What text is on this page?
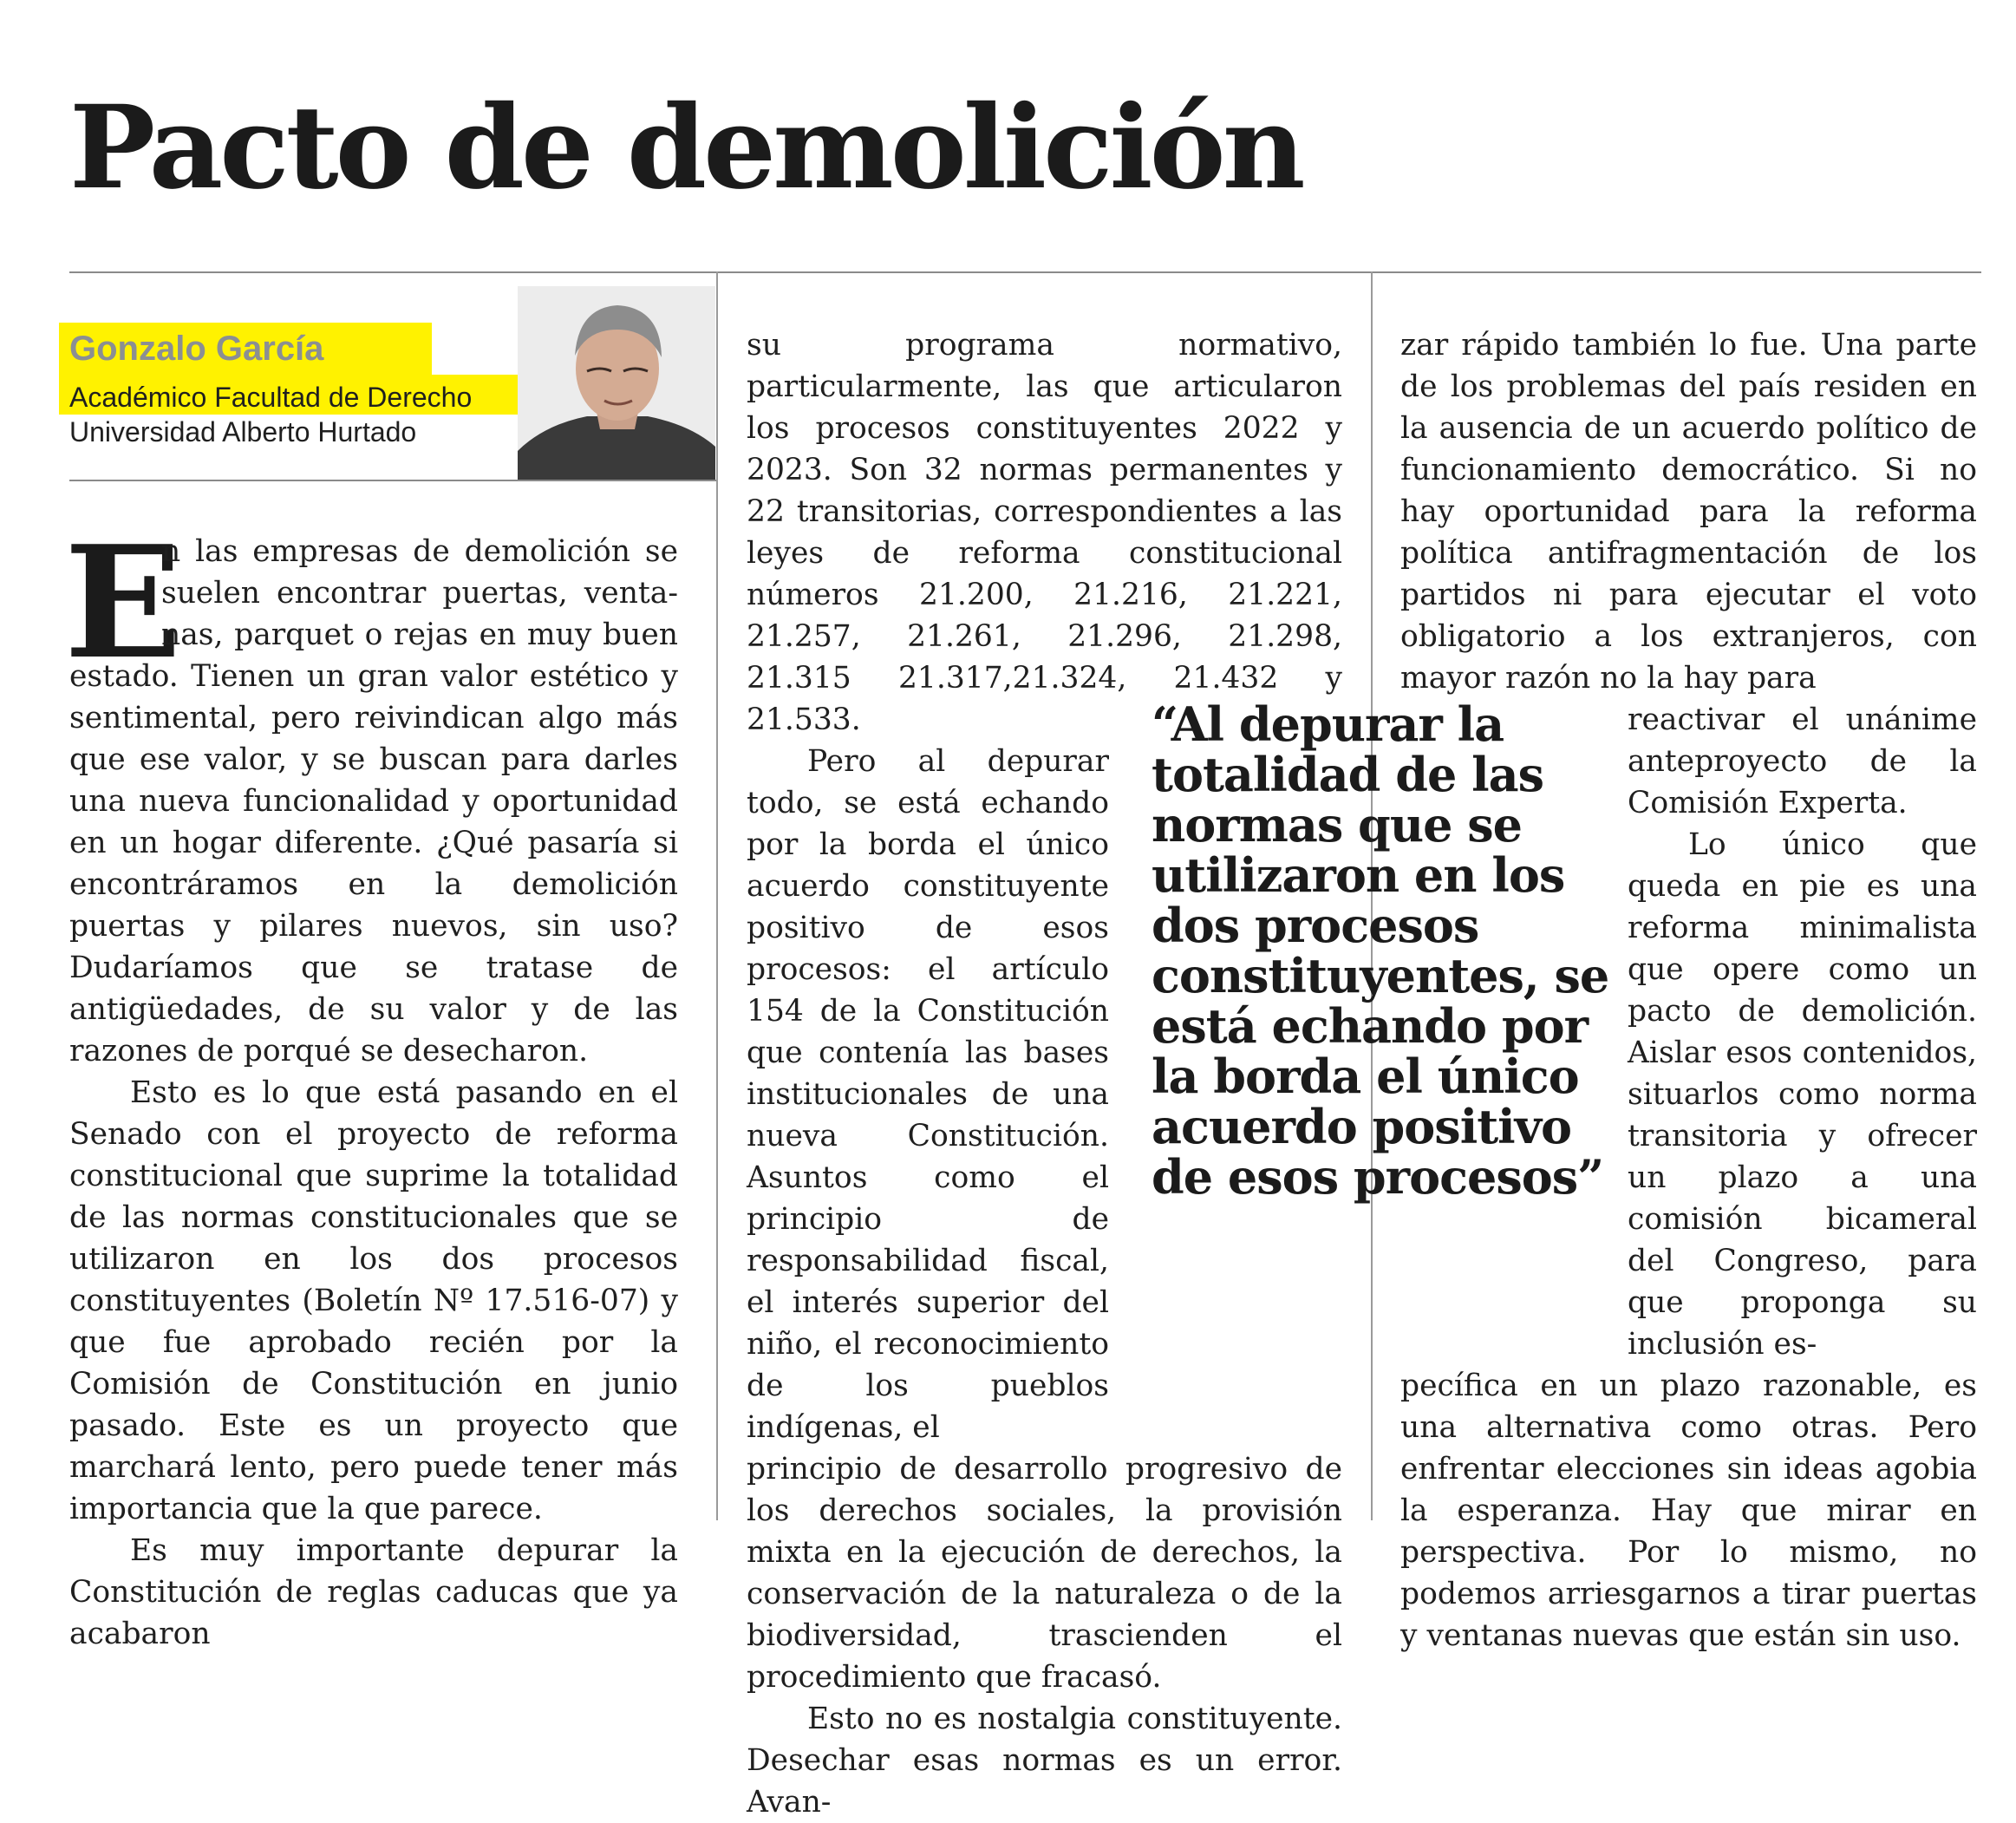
Pacto de demolición
Gonzalo García
Académico Facultad de Derecho
Universidad Alberto Hurtado
E
n las empresas de demolición se
suelen encontrar puertas, venta-
nas, parquet o rejas en muy buen

estado. Tienen un gran valor estético y sentimental, pero reivindican algo más que ese valor, y se buscan para darles una nueva funcionalidad y oportunidad en un hogar diferente. ¿Qué pasaría si encontráramos en la demolición puertas y pilares nuevos, sin uso? Dudaríamos que se tratase de antigüedades, de su valor y de las razones de porqué se desecharon.

Esto es lo que está pasando en el Senado con el proyecto de reforma constitucional que suprime la totalidad de las normas constitucionales que se utilizaron en los dos procesos constituyentes (Boletín Nº 17.516-07) y que fue aprobado recién por la Comisión de Constitución en junio pasado. Este es un proyecto que marchará lento, pero puede tener más importancia que la que parece.

Es muy importante depurar la Constitución de reglas caducas que ya acabaron

su programa normativo, particularmente, las que articularon los procesos constituyentes 2022 y 2023. Son 32 normas permanentes y 22 transitorias, correspondientes a las leyes de reforma constitucional números 21.200, 21.216, 21.221, 21.257, 21.261, 21.296, 21.298, 21.315 21.317,21.324, 21.432 y 21.533.

Pero al depurar todo, se está echando por la borda el único acuerdo constituyente positivo de esos procesos: el artículo 154 de la Constitución que contenía las bases institucionales de una nueva Constitución. Asuntos como el principio de responsabilidad fiscal, el interés superior del niño, el reconocimiento de los pueblos indígenas, el

principio de desarrollo progresivo de los derechos sociales, la provisión mixta en la ejecución de derechos, la conservación de la naturaleza o de la biodiversidad, trascienden el procedimiento que fracasó.

Esto no es nostalgia constituyente. Desechar esas normas es un error. Avan-

zar rápido también lo fue. Una parte de los problemas del país residen en la ausencia de un acuerdo político de funcionamiento democrático. Si no hay oportunidad para la reforma política antifragmentación de los partidos ni para ejecutar el voto obligatorio a los extranjeros, con mayor razón no la hay para

reactivar el unánime anteproyecto de la Comisión Experta.

Lo único que queda en pie es una reforma minimalista que opere como un pacto de demolición. Aislar esos contenidos, situarlos como norma transitoria y ofrecer un plazo a una comisión bicameral del Congreso, para que proponga su inclusión es-

pecífica en un plazo razonable, es una alternativa como otras. Pero enfrentar elecciones sin ideas agobia la esperanza. Hay que mirar en perspectiva. Por lo mismo, no podemos arriesgarnos a tirar puertas y ventanas nuevas que están sin uso.

“Al depurar la totalidad de las normas que se utilizaron en los dos procesos constituyentes, se está echando por la borda el único acuerdo positivo de esos procesos”
